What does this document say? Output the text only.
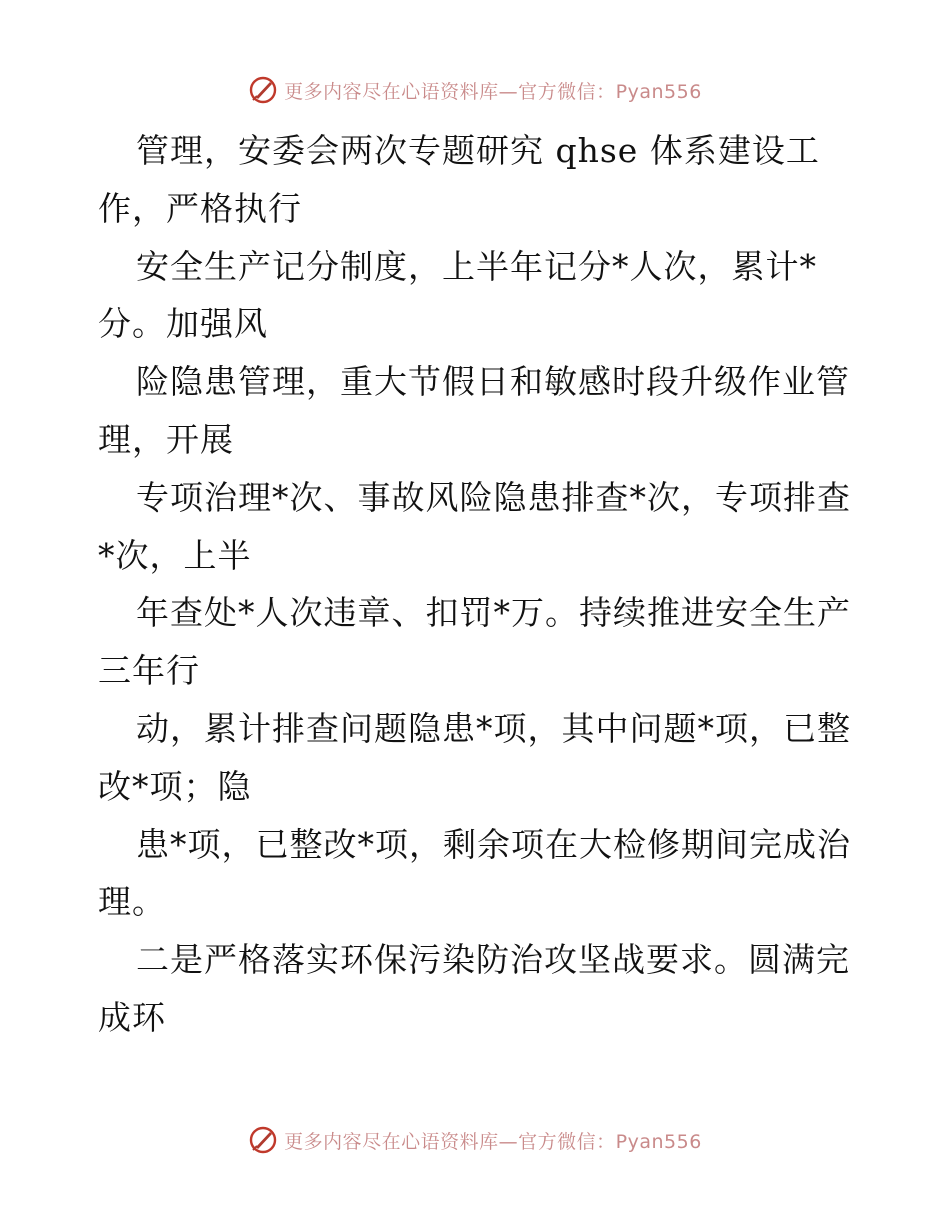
更多内容尽在心语资料库—官方微信：Pyan556

管理，安委会两次专题研究 qhse 体系建设工
作，严格执行

安全生产记分制度，上半年记分*人次，累计*
分。加强风

险隐患管理，重大节假日和敏感时段升级作业管
理，开展

专项治理*次、事故风险隐患排查*次，专项排查
*次，上半

年查处*人次违章、扣罚*万。持续推进安全生产
三年行

动，累计排查问题隐患*项，其中问题*项，已整
改*项；隐

患*项，已整改*项，剩余项在大检修期间完成治
理。

二是严格落实环保污染防治攻坚战要求。圆满完
成环

更多内容尽在心语资料库—官方微信：Pyan556
